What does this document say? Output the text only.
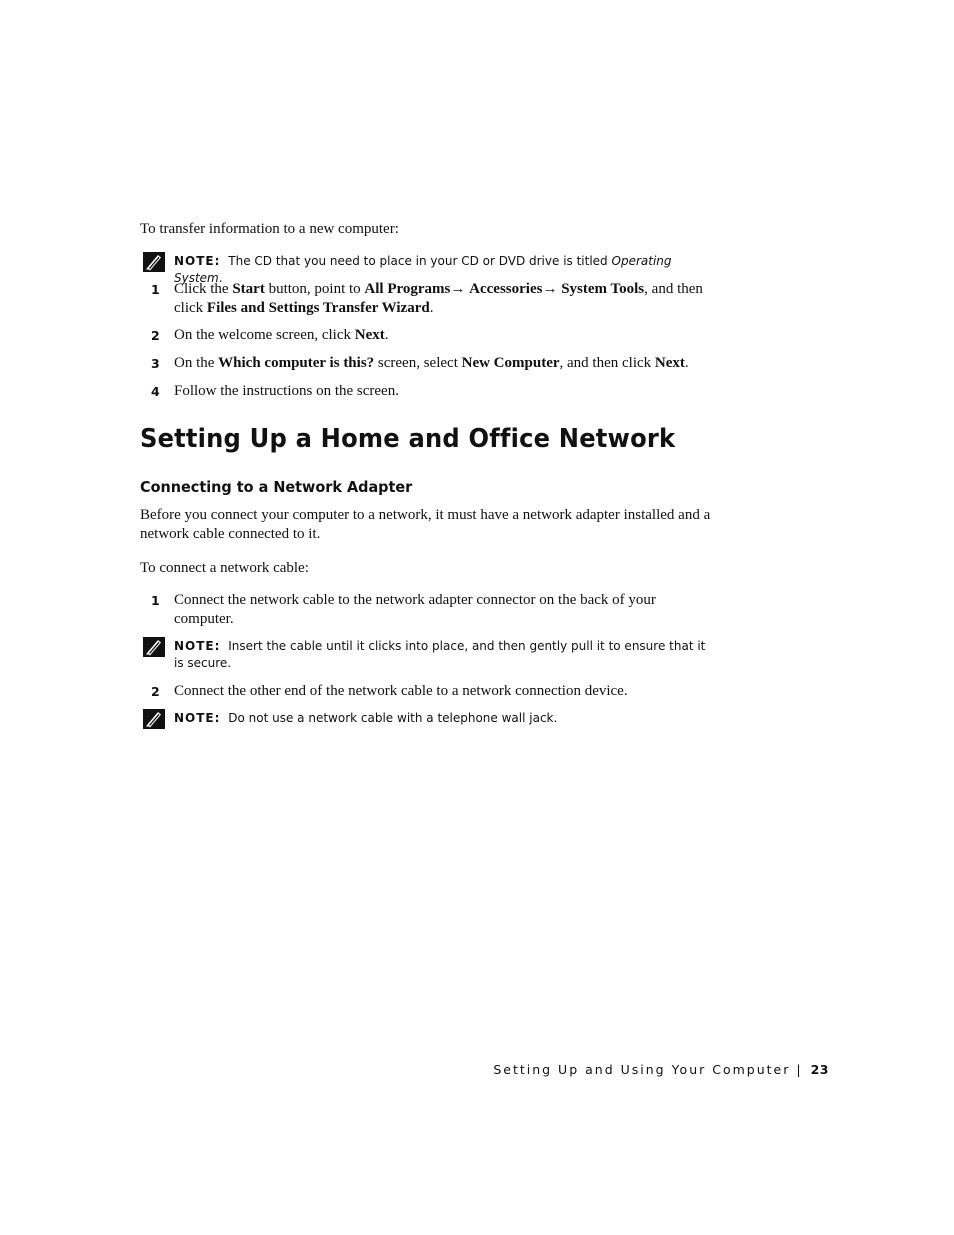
To transfer information to a new computer:
NOTE: The CD that you need to place in your CD or DVD drive is titled Operating System.
1 Click the Start button, point to All Programs→ Accessories→ System Tools, and then click Files and Settings Transfer Wizard.
2 On the welcome screen, click Next.
3 On the Which computer is this? screen, select New Computer, and then click Next.
4 Follow the instructions on the screen.
Setting Up a Home and Office Network
Connecting to a Network Adapter
Before you connect your computer to a network, it must have a network adapter installed and a network cable connected to it.
To connect a network cable:
1 Connect the network cable to the network adapter connector on the back of your computer.
NOTE: Insert the cable until it clicks into place, and then gently pull it to ensure that it is secure.
2 Connect the other end of the network cable to a network connection device.
NOTE: Do not use a network cable with a telephone wall jack.
Setting Up and Using Your Computer | 23
